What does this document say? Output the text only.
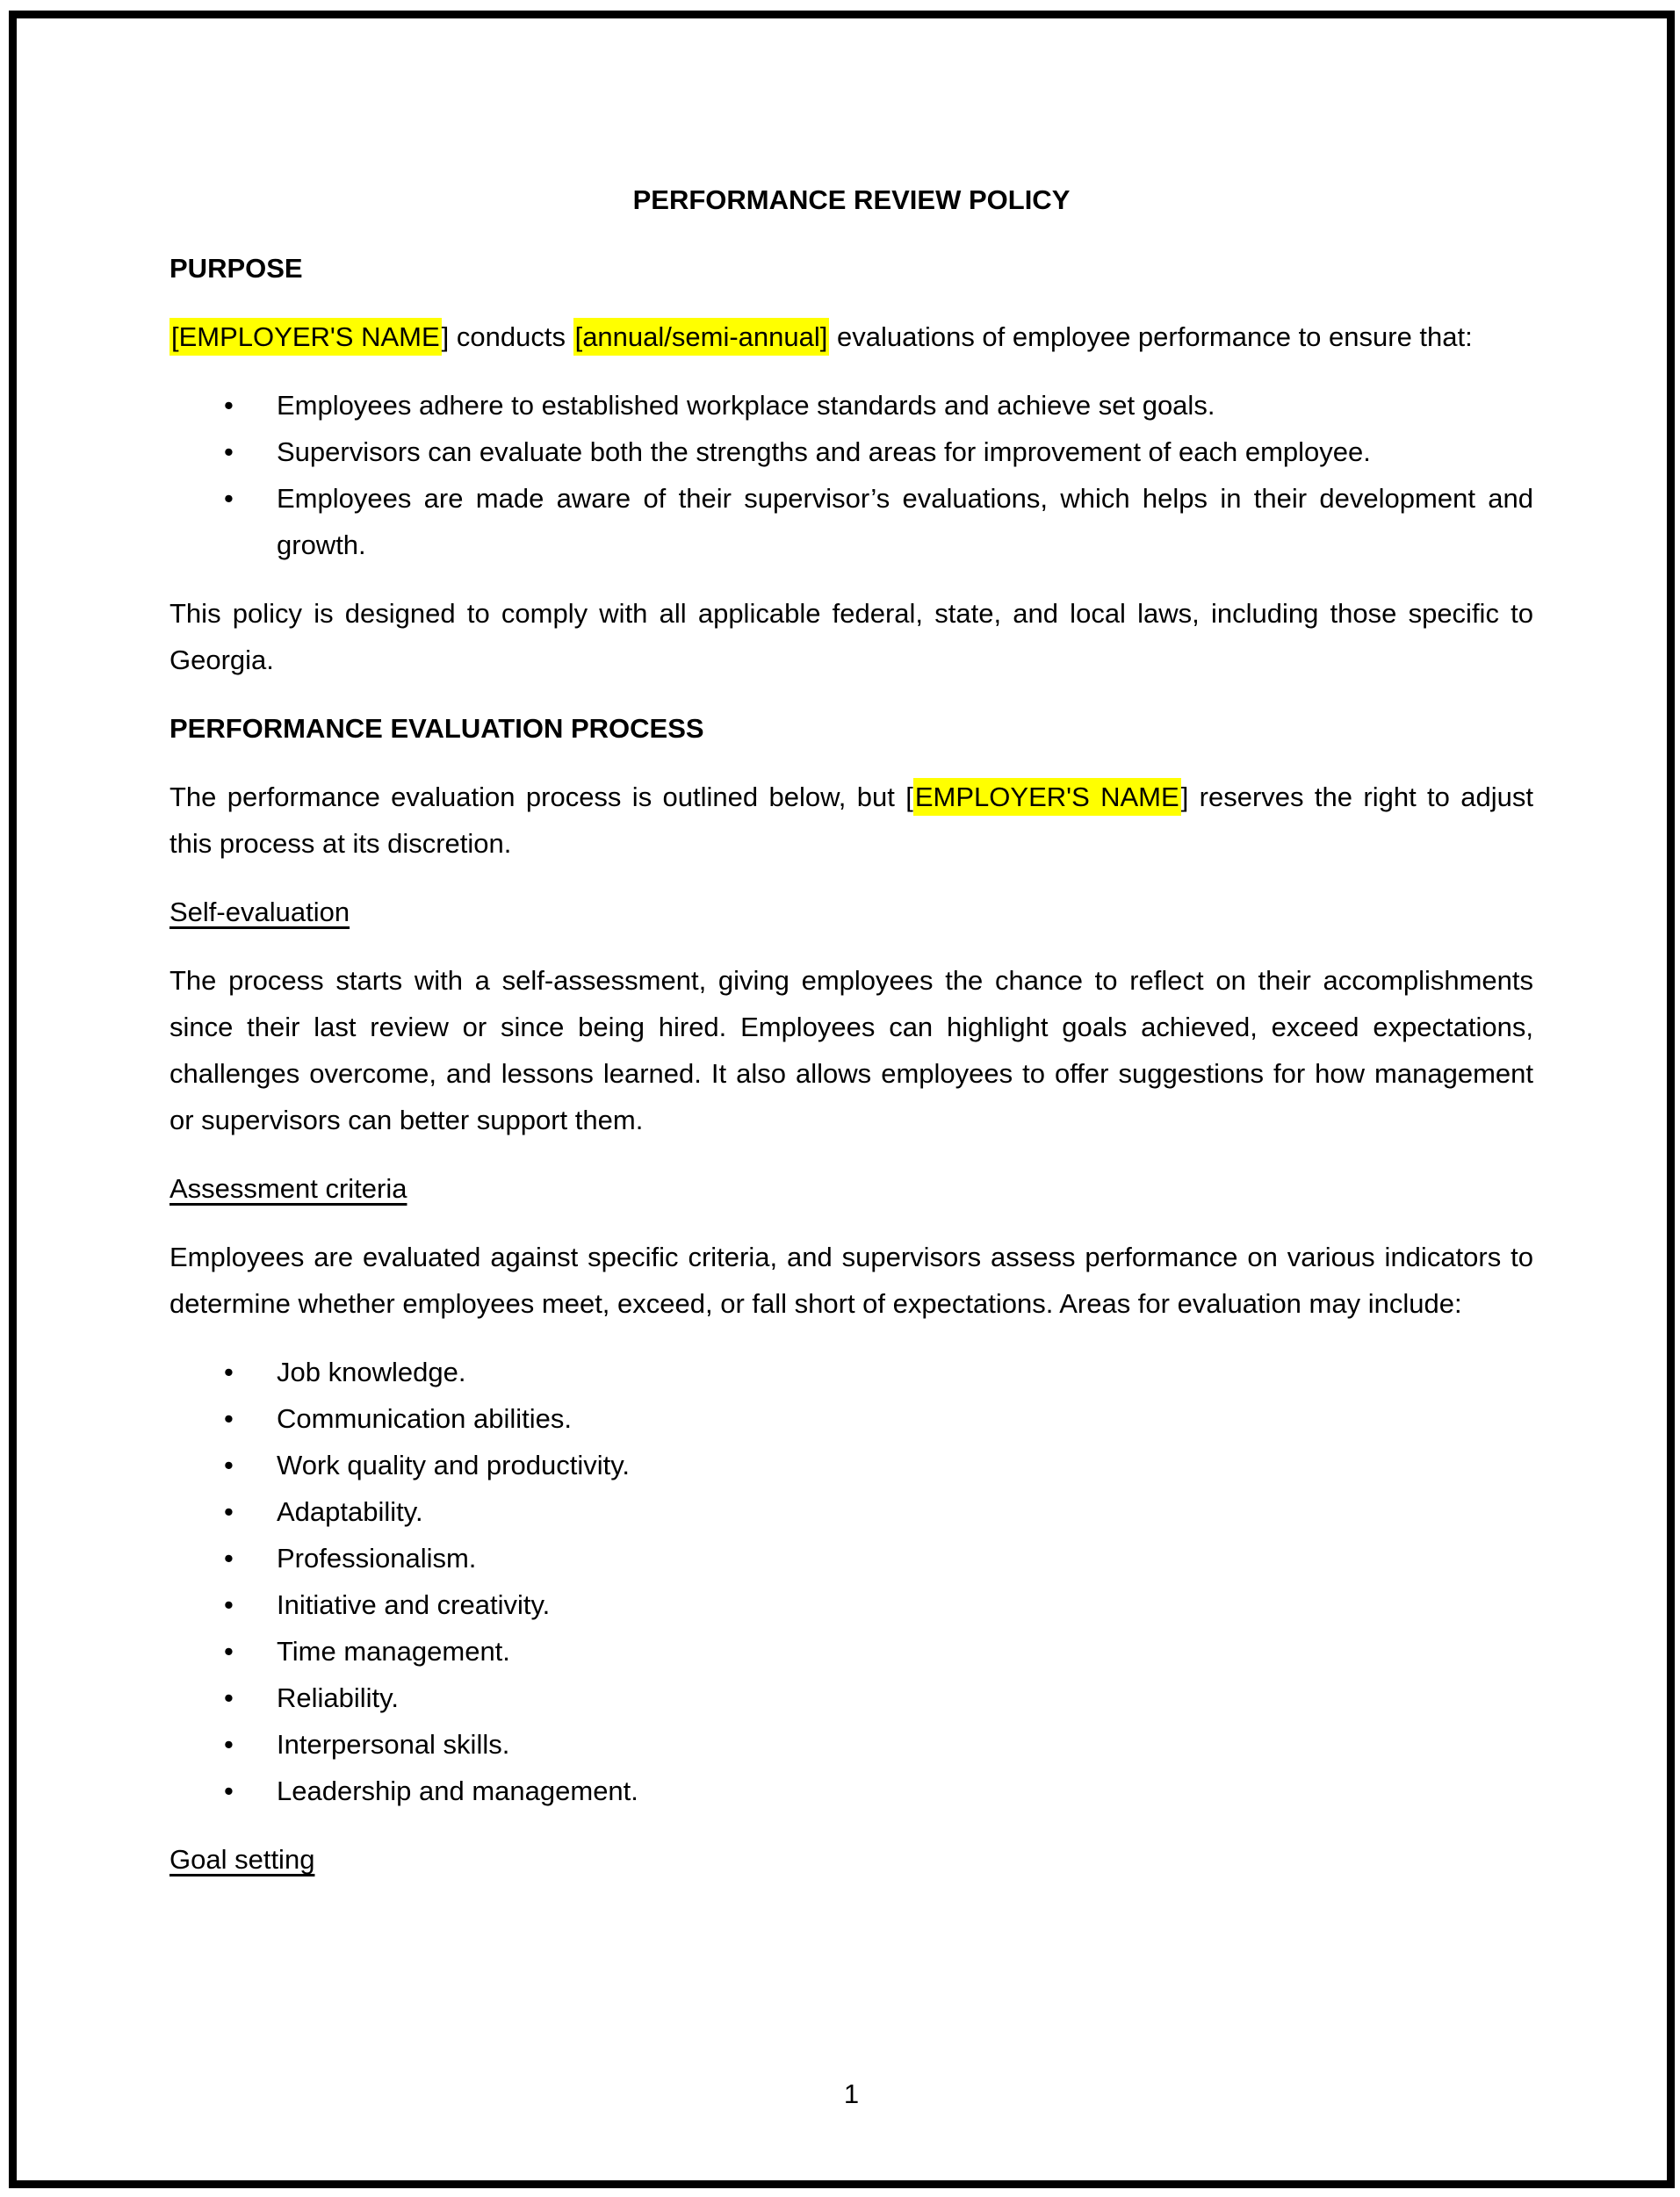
PERFORMANCE REVIEW POLICY
PURPOSE
[EMPLOYER'S NAME] conducts [annual/semi-annual] evaluations of employee performance to ensure that:
• Employees adhere to established workplace standards and achieve set goals.
• Supervisors can evaluate both the strengths and areas for improvement of each employee.
• Employees are made aware of their supervisor’s evaluations, which helps in their development and growth.
This policy is designed to comply with all applicable federal, state, and local laws, including those specific to Georgia.
PERFORMANCE EVALUATION PROCESS
The performance evaluation process is outlined below, but [EMPLOYER'S NAME] reserves the right to adjust this process at its discretion.
Self-evaluation
The process starts with a self-assessment, giving employees the chance to reflect on their accomplishments since their last review or since being hired. Employees can highlight goals achieved, exceed expectations, challenges overcome, and lessons learned. It also allows employees to offer suggestions for how management or supervisors can better support them.
Assessment criteria
Employees are evaluated against specific criteria, and supervisors assess performance on various indicators to determine whether employees meet, exceed, or fall short of expectations. Areas for evaluation may include:
• Job knowledge.
• Communication abilities.
• Work quality and productivity.
• Adaptability.
• Professionalism.
• Initiative and creativity.
• Time management.
• Reliability.
• Interpersonal skills.
• Leadership and management.
Goal setting
1
